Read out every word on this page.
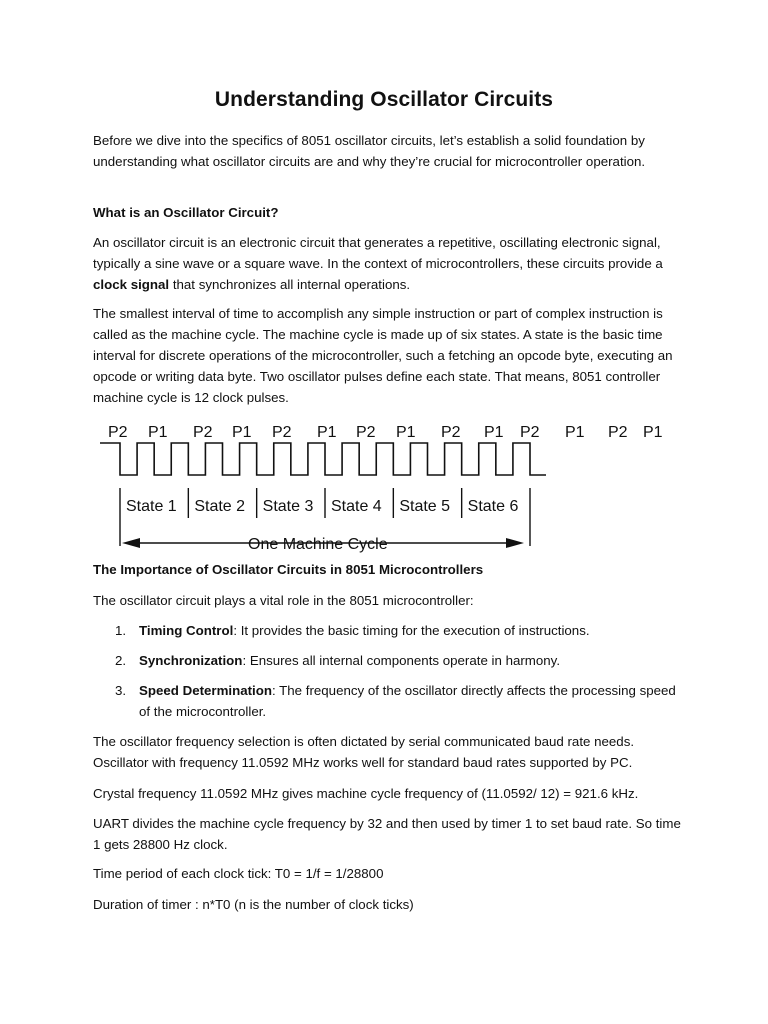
Understanding Oscillator Circuits

Before we dive into the specifics of 8051 oscillator circuits, let’s establish a solid foundation by understanding what oscillator circuits are and why they’re crucial for microcontroller operation.

What is an Oscillator Circuit?

An oscillator circuit is an electronic circuit that generates a repetitive, oscillating electronic signal, typically a sine wave or a square wave. In the context of microcontrollers, these circuits provide a clock signal that synchronizes all internal operations.

The smallest interval of time to accomplish any simple instruction or part of complex instruction is called as the machine cycle. The machine cycle is made up of six states. A state is the basic time interval for discrete operations of the microcontroller, such a fetching an opcode byte, executing an opcode or writing data byte. Two oscillator pulses define each state. That means, 8051 controller machine cycle is 12 clock pulses.

P2 P1 P2 P1 P2 P1 P2 P1 P2 P1 P2 P1 P2 P1
State 1 State 2 State 3 State 4 State 5 State 6
One Machine Cycle

The Importance of Oscillator Circuits in 8051 Microcontrollers

The oscillator circuit plays a vital role in the 8051 microcontroller:

1. Timing Control: It provides the basic timing for the execution of instructions.
2. Synchronization: Ensures all internal components operate in harmony.
3. Speed Determination: The frequency of the oscillator directly affects the processing speed of the microcontroller.

The oscillator frequency selection is often dictated by serial communicated baud rate needs. Oscillator with frequency 11.0592 MHz works well for standard baud rates supported by PC.

Crystal frequency 11.0592 MHz gives machine cycle frequency of (11.0592/ 12) = 921.6 kHz.

UART divides the machine cycle frequency by 32 and then used by timer 1 to set baud rate. So time 1 gets 28800 Hz clock.

Time period of each clock tick: T0 = 1/f = 1/28800

Duration of timer : n*T0 (n is the number of clock ticks)
